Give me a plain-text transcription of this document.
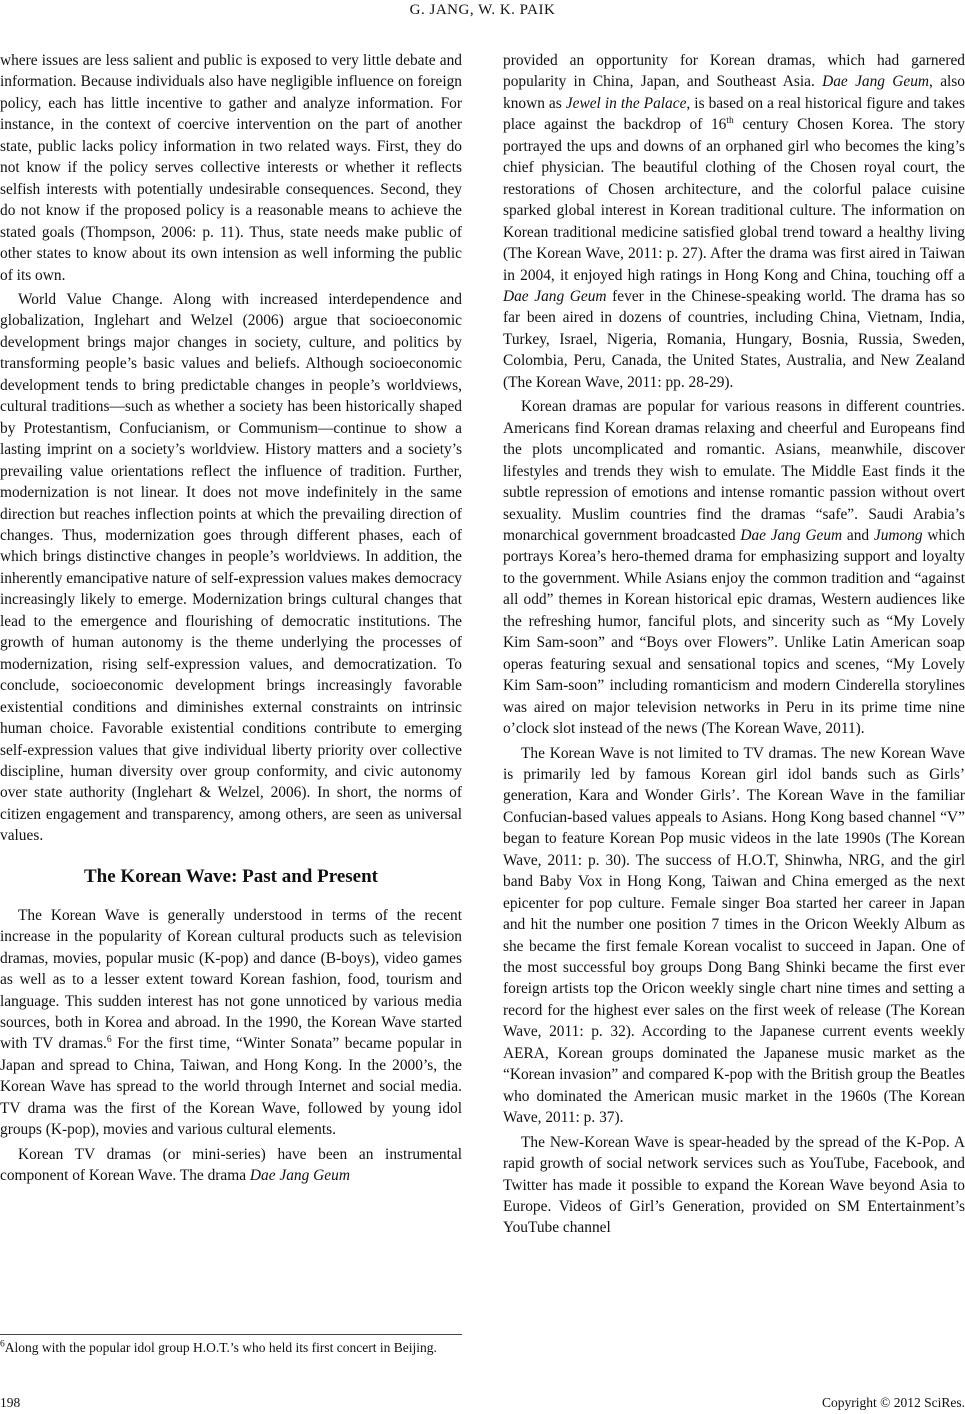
G. JANG, W. K. PAIK

where issues are less salient and public is exposed to very little debate and information. Because individuals also have negligible influence on foreign policy, each has little incentive to gather and analyze information. For instance, in the context of coercive intervention on the part of another state, public lacks policy information in two related ways. First, they do not know if the policy serves collective interests or whether it reflects selfish interests with potentially undesirable consequences. Second, they do not know if the proposed policy is a reasonable means to achieve the stated goals (Thompson, 2006: p. 11). Thus, state needs make public of other states to know about its own intension as well informing the public of its own.

World Value Change. Along with increased interdependence and globalization, Inglehart and Welzel (2006) argue that socioeconomic development brings major changes in society, culture, and politics by transforming people’s basic values and beliefs. Although socioeconomic development tends to bring predictable changes in people’s worldviews, cultural traditions—such as whether a society has been historically shaped by Protestantism, Confucianism, or Communism—continue to show a lasting imprint on a society’s worldview. History matters and a society’s prevailing value orientations reflect the influence of tradition. Further, modernization is not linear. It does not move indefinitely in the same direction but reaches inflection points at which the prevailing direction of changes. Thus, modernization goes through different phases, each of which brings distinctive changes in people’s worldviews. In addition, the inherently emancipative nature of self-expression values makes democracy increasingly likely to emerge. Modernization brings cultural changes that lead to the emergence and flourishing of democratic institutions. The growth of human autonomy is the theme underlying the processes of modernization, rising self-expression values, and democratization. To conclude, socioeconomic development brings increasingly favorable existential conditions and diminishes external constraints on intrinsic human choice. Favorable existential conditions contribute to emerging self-expression values that give individual liberty priority over collective discipline, human diversity over group conformity, and civic autonomy over state authority (Inglehart & Welzel, 2006). In short, the norms of citizen engagement and transparency, among others, are seen as universal values.

The Korean Wave: Past and Present

The Korean Wave is generally understood in terms of the recent increase in the popularity of Korean cultural products such as television dramas, movies, popular music (K-pop) and dance (B-boys), video games as well as to a lesser extent toward Korean fashion, food, tourism and language. This sudden interest has not gone unnoticed by various media sources, both in Korea and abroad. In the 1990, the Korean Wave started with TV dramas.$^6$ For the first time, “Winter Sonata” became popular in Japan and spread to China, Taiwan, and Hong Kong. In the 2000’s, the Korean Wave has spread to the world through Internet and social media. TV drama was the first of the Korean Wave, followed by young idol groups (K-pop), movies and various cultural elements.

Korean TV dramas (or mini-series) have been an instrumental component of Korean Wave. The drama Dae Jang Geum

$^6$Along with the popular idol group H.O.T.’s who held its first concert in Beijing.

provided an opportunity for Korean dramas, which had garnered popularity in China, Japan, and Southeast Asia. Dae Jang Geum, also known as Jewel in the Palace, is based on a real historical figure and takes place against the backdrop of 16th century Chosen Korea. The story portrayed the ups and downs of an orphaned girl who becomes the king’s chief physician. The beautiful clothing of the Chosen royal court, the restorations of Chosen architecture, and the colorful palace cuisine sparked global interest in Korean traditional culture. The information on Korean traditional medicine satisfied global trend toward a healthy living (The Korean Wave, 2011: p. 27). After the drama was first aired in Taiwan in 2004, it enjoyed high ratings in Hong Kong and China, touching off a Dae Jang Geum fever in the Chinese-speaking world. The drama has so far been aired in dozens of countries, including China, Vietnam, India, Turkey, Israel, Nigeria, Romania, Hungary, Bosnia, Russia, Sweden, Colombia, Peru, Canada, the United States, Australia, and New Zealand (The Korean Wave, 2011: pp. 28-29).

Korean dramas are popular for various reasons in different countries. Americans find Korean dramas relaxing and cheerful and Europeans find the plots uncomplicated and romantic. Asians, meanwhile, discover lifestyles and trends they wish to emulate. The Middle East finds it the subtle repression of emotions and intense romantic passion without overt sexuality. Muslim countries find the dramas “safe”. Saudi Arabia’s monarchical government broadcasted Dae Jang Geum and Jumong which portrays Korea’s hero-themed drama for emphasizing support and loyalty to the government. While Asians enjoy the common tradition and “against all odd” themes in Korean historical epic dramas, Western audiences like the refreshing humor, fanciful plots, and sincerity such as “My Lovely Kim Sam-soon” and “Boys over Flowers”. Unlike Latin American soap operas featuring sexual and sensational topics and scenes, “My Lovely Kim Sam-soon” including romanticism and modern Cinderella storylines was aired on major television networks in Peru in its prime time nine o’clock slot instead of the news (The Korean Wave, 2011).

The Korean Wave is not limited to TV dramas. The new Korean Wave is primarily led by famous Korean girl idol bands such as Girls’ generation, Kara and Wonder Girls’. The Korean Wave in the familiar Confucian-based values appeals to Asians. Hong Kong based channel “V” began to feature Korean Pop music videos in the late 1990s (The Korean Wave, 2011: p. 30). The success of H.O.T, Shinwha, NRG, and the girl band Baby Vox in Hong Kong, Taiwan and China emerged as the next epicenter for pop culture. Female singer Boa started her career in Japan and hit the number one position 7 times in the Oricon Weekly Album as she became the first female Korean vocalist to succeed in Japan. One of the most successful boy groups Dong Bang Shinki became the first ever foreign artists top the Oricon weekly single chart nine times and setting a record for the highest ever sales on the first week of release (The Korean Wave, 2011: p. 32). According to the Japanese current events weekly AERA, Korean groups dominated the Japanese music market as the “Korean invasion” and compared K-pop with the British group the Beatles who dominated the American music market in the 1960s (The Korean Wave, 2011: p. 37).

The New-Korean Wave is spear-headed by the spread of the K-Pop. A rapid growth of social network services such as YouTube, Facebook, and Twitter has made it possible to expand the Korean Wave beyond Asia to Europe. Videos of Girl’s Generation, provided on SM Entertainment’s YouTube channel

198	Copyright © 2012 SciRes.
